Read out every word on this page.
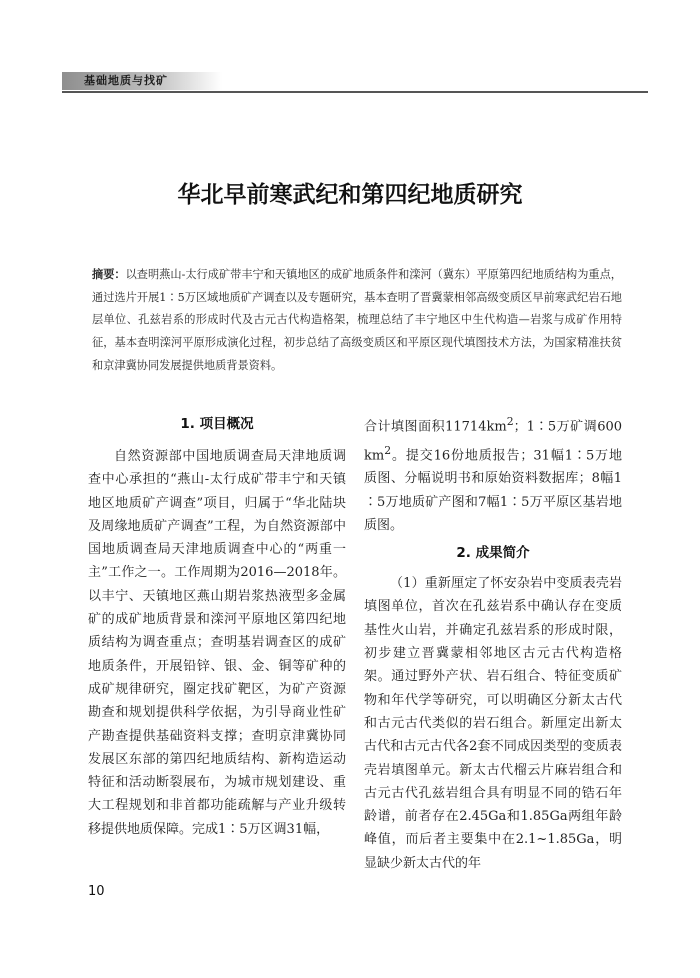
基础地质与找矿
华北早前寒武纪和第四纪地质研究
摘要：以查明燕山-太行成矿带丰宁和天镇地区的成矿地质条件和滦河（冀东）平原第四纪地质结构为重点，通过选片开展1∶5万区域地质矿产调查以及专题研究，基本查明了晋冀蒙相邻高级变质区早前寒武纪岩石地层单位、孔兹岩系的形成时代及古元古代构造格架，梳理总结了丰宁地区中生代构造—岩浆与成矿作用特征，基本查明滦河平原形成演化过程，初步总结了高级变质区和平原区现代填图技术方法，为国家精准扶贫和京津冀协同发展提供地质背景资料。
1. 项目概况

自然资源部中国地质调查局天津地质调查中心承担的“燕山-太行成矿带丰宁和天镇地区地质矿产调查”项目，归属于“华北陆块及周缘地质矿产调查”工程，为自然资源部中国地质调查局天津地质调查中心的“两重一主”工作之一。工作周期为2016—2018年。以丰宁、天镇地区燕山期岩浆热液型多金属矿的成矿地质背景和滦河平原地区第四纪地质结构为调查重点；查明基岩调查区的成矿地质条件，开展铅锌、银、金、铜等矿种的成矿规律研究，圈定找矿靶区，为矿产资源勘查和规划提供科学依据，为引导商业性矿产勘查提供基础资料支撑；查明京津冀协同发展区东部的第四纪地质结构、新构造运动特征和活动断裂展布，为城市规划建设、重大工程规划和非首都功能疏解与产业升级转移提供地质保障。完成1∶5万区调31幅，

合计填图面积$11714km^2$；1∶5万矿调$600km^2$。提交16份地质报告；31幅1∶5万地质图、分幅说明书和原始资料数据库；8幅1∶5万地质矿产图和7幅1∶5万平原区基岩地质图。
2. 成果简介

（1）重新厘定了怀安杂岩中变质表壳岩填图单位，首次在孔兹岩系中确认存在变质基性火山岩，并确定孔兹岩系的形成时限，初步建立晋冀蒙相邻地区古元古代构造格架。通过野外产状、岩石组合、特征变质矿物和年代学等研究，可以明确区分新太古代和古元古代类似的岩石组合。新厘定出新太古代和古元古代各2套不同成因类型的变质表壳岩填图单元。新太古代榴云片麻岩组合和古元古代孔兹岩组合具有明显不同的锆石年龄谱，前者存在2.45Ga和1.85Ga两组年龄峰值，而后者主要集中在2.1~1.85Ga，明显缺少新太古代的年

10
